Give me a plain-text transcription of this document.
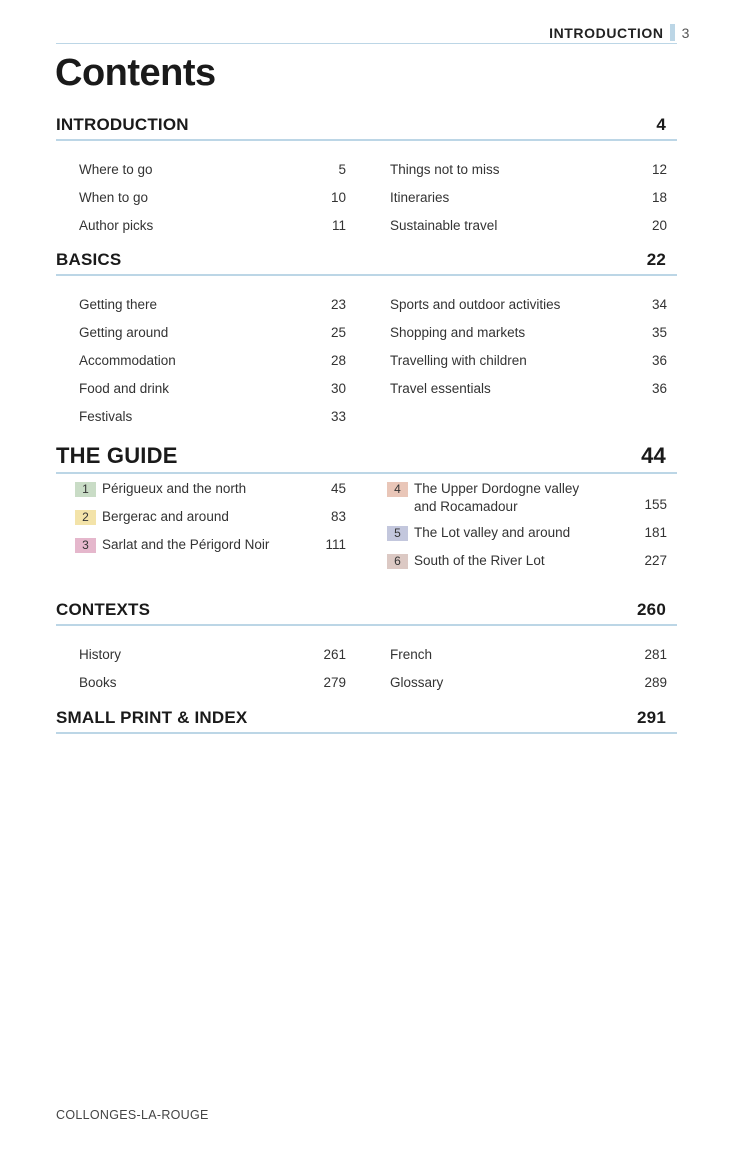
INTRODUCTION 3
Contents
INTRODUCTION	4
Where to go	5
When to go	10
Author picks	11
Things not to miss	12
Itineraries	18
Sustainable travel	20
BASICS	22
Getting there	23
Getting around	25
Accommodation	28
Food and drink	30
Festivals	33
Sports and outdoor activities	34
Shopping and markets	35
Travelling with children	36
Travel essentials	36
THE GUIDE	44
1 Périgueux and the north	45
2 Bergerac and around	83
3 Sarlat and the Périgord Noir	111
4 The Upper Dordogne valley
and Rocamadour	155
5 The Lot valley and around	181
6 South of the River Lot	227
CONTEXTS	260
History	261
Books	279
French	281
Glossary	289
SMALL PRINT & INDEX	291
COLLONGES-LA-ROUGE
